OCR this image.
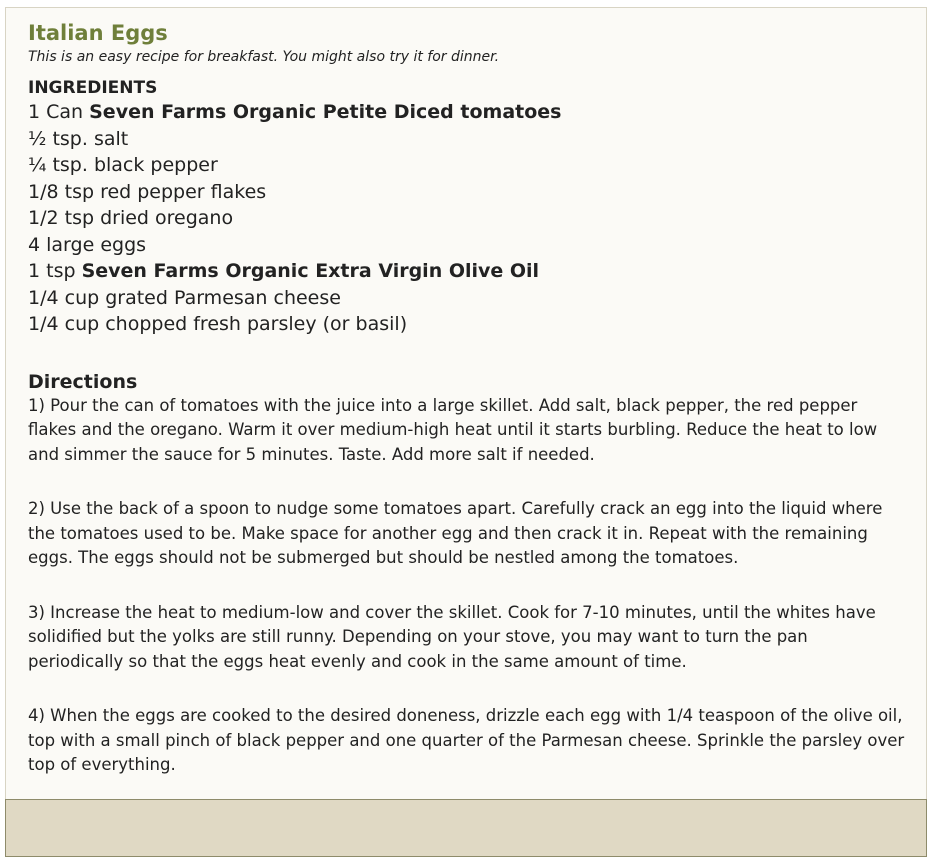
Italian Eggs

This is an easy recipe for breakfast. You might also try it for dinner.

INGREDIENTS
1 Can Seven Farms Organic Petite Diced tomatoes
½ tsp. salt
¼ tsp. black pepper
1/8 tsp red pepper flakes
1/2 tsp dried oregano
4 large eggs
1 tsp Seven Farms Organic Extra Virgin Olive Oil
1/4 cup grated Parmesan cheese
1/4 cup chopped fresh parsley (or basil)
Directions

1) Pour the can of tomatoes with the juice into a large skillet. Add salt, black pepper, the red pepper flakes and the oregano. Warm it over medium-high heat until it starts burbling. Reduce the heat to low and simmer the sauce for 5 minutes. Taste. Add more salt if needed.

2) Use the back of a spoon to nudge some tomatoes apart. Carefully crack an egg into the liquid where the tomatoes used to be. Make space for another egg and then crack it in. Repeat with the remaining eggs. The eggs should not be submerged but should be nestled among the tomatoes.

3) Increase the heat to medium-low and cover the skillet. Cook for 7-10 minutes, until the whites have solidified but the yolks are still runny. Depending on your stove, you may want to turn the pan periodically so that the eggs heat evenly and cook in the same amount of time.

4) When the eggs are cooked to the desired doneness, drizzle each egg with 1/4 teaspoon of the olive oil, top with a small pinch of black pepper and one quarter of the Parmesan cheese. Sprinkle the parsley over top of everything.
